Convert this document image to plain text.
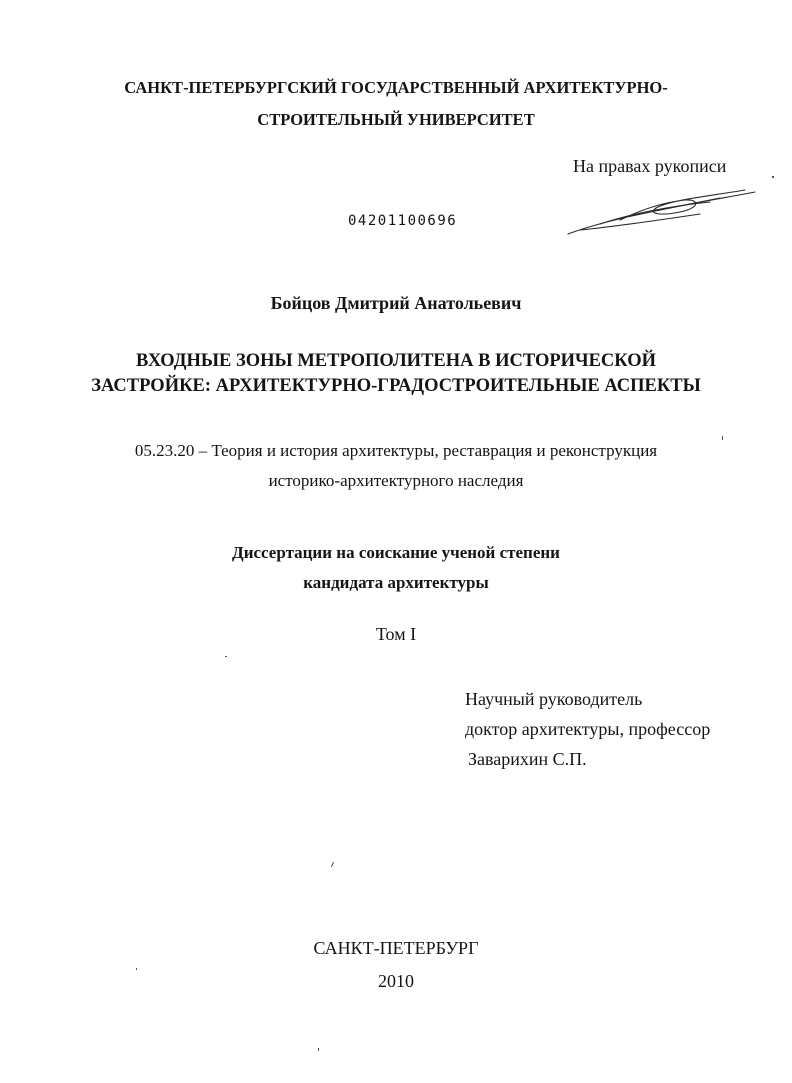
САНКТ-ПЕТЕРБУРГСКИЙ ГОСУДАРСТВЕННЫЙ АРХИТЕКТУРНО-
СТРОИТЕЛЬНЫЙ УНИВЕРСИТЕТ
На правах рукописи
04201100696
Бойцов Дмитрий Анатольевич
ВХОДНЫЕ ЗОНЫ МЕТРОПОЛИТЕНА В ИСТОРИЧЕСКОЙ
ЗАСТРОЙКЕ: АРХИТЕКТУРНО-ГРАДОСТРОИТЕЛЬНЫЕ АСПЕКТЫ
05.23.20 – Теория и история архитектуры, реставрация и реконструкция
историко-архитектурного наследия
Диссертации на соискание ученой степени
кандидата архитектуры
Том I
Научный руководитель
доктор архитектуры, профессор
Заварихин С.П.
САНКТ-ПЕТЕРБУРГ
2010
